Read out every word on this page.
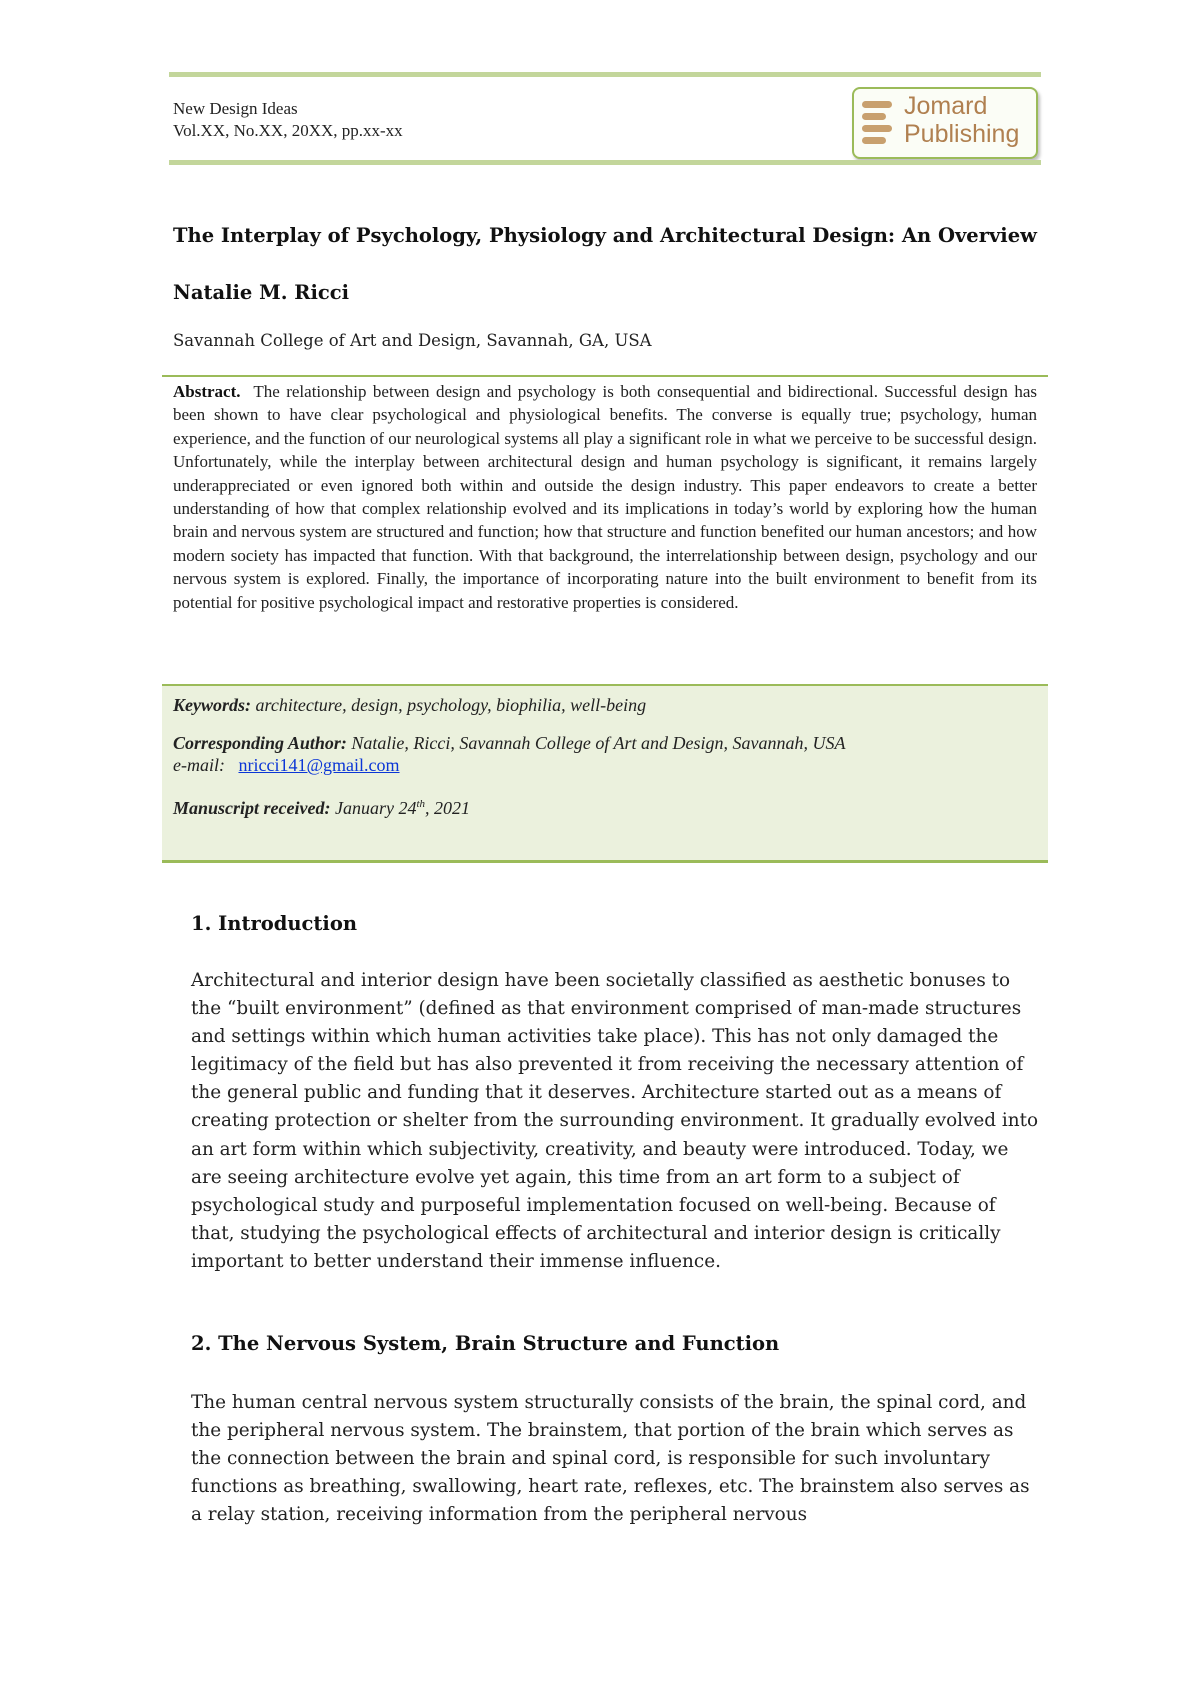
New Design Ideas
Vol.XX, No.XX, 20XX, pp.xx-xx
Jomard
Publishing
The Interplay of Psychology, Physiology and Architectural Design: An Overview
Natalie M. Ricci
Savannah College of Art and Design, Savannah, GA, USA

Abstract. The relationship between design and psychology is both consequential and bidirectional. Successful design has been shown to have clear psychological and physiological benefits. The converse is equally true; psychology, human experience, and the function of our neurological systems all play a significant role in what we perceive to be successful design. Unfortunately, while the interplay between architectural design and human psychology is significant, it remains largely underappreciated or even ignored both within and outside the design industry. This paper endeavors to create a better understanding of how that complex relationship evolved and its implications in today’s world by exploring how the human brain and nervous system are structured and function; how that structure and function benefited our human ancestors; and how modern society has impacted that function. With that background, the interrelationship between design, psychology and our nervous system is explored. Finally, the importance of incorporating nature into the built environment to benefit from its potential for positive psychological impact and restorative properties is considered.

Keywords: architecture, design, psychology, biophilia, well-being
Corresponding Author: Natalie, Ricci, Savannah College of Art and Design, Savannah, USA
e-mail: nricci141@gmail.com
Manuscript received: January 24th, 2021
1. Introduction

Architectural and interior design have been societally classified as aesthetic bonuses to the “built environment” (defined as that environment comprised of man-made structures and settings within which human activities take place). This has not only damaged the legitimacy of the field but has also prevented it from receiving the necessary attention of the general public and funding that it deserves. Architecture started out as a means of creating protection or shelter from the surrounding environment. It gradually evolved into an art form within which subjectivity, creativity, and beauty were introduced. Today, we are seeing architecture evolve yet again, this time from an art form to a subject of psychological study and purposeful implementation focused on well-being. Because of that, studying the psychological effects of architectural and interior design is critically important to better understand their immense influence.

2. The Nervous System, Brain Structure and Function

The human central nervous system structurally consists of the brain, the spinal cord, and the peripheral nervous system. The brainstem, that portion of the brain which serves as the connection between the brain and spinal cord, is responsible for such involuntary functions as breathing, swallowing, heart rate, reflexes, etc. The brainstem also serves as a relay station, receiving information from the peripheral nervous
